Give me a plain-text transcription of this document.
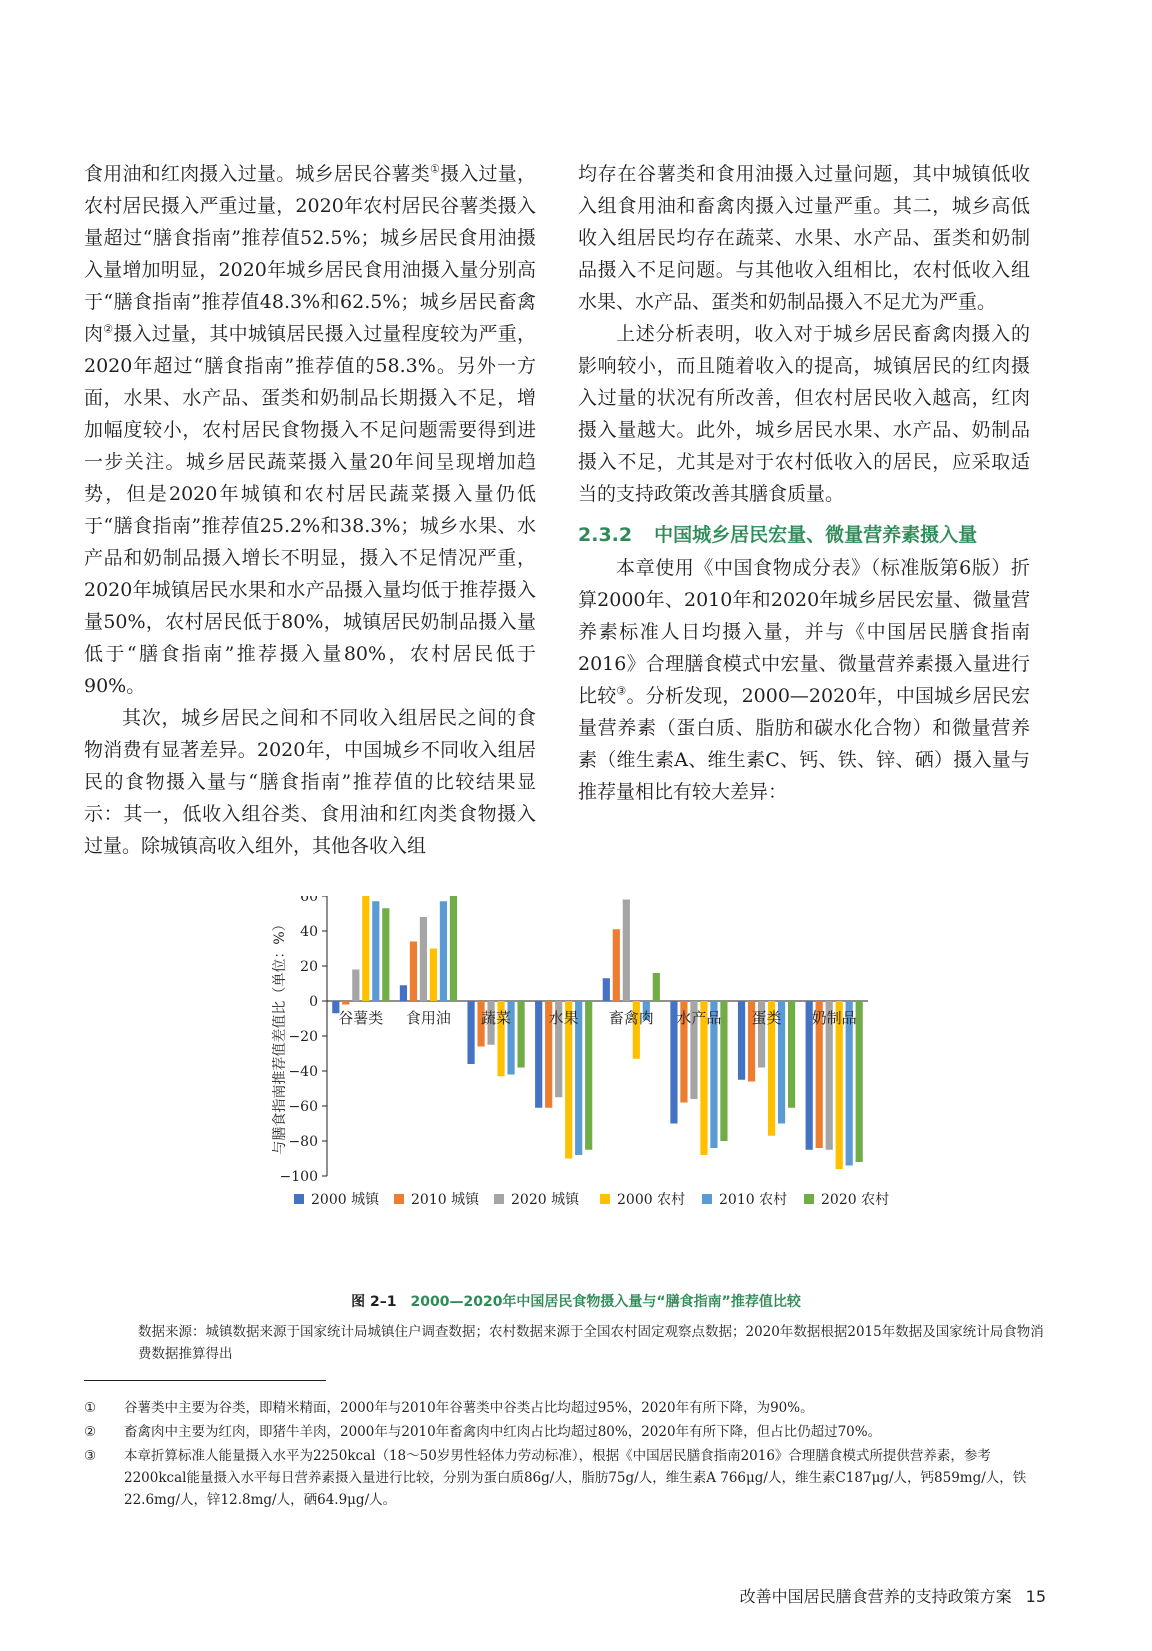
食用油和红肉摄入过量。城乡居民谷薯类①摄入过量，农村居民摄入严重过量，2020年农村居民谷薯类摄入量超过“膳食指南”推荐值52.5%；城乡居民食用油摄入量增加明显，2020年城乡居民食用油摄入量分别高于“膳食指南”推荐值48.3%和62.5%；城乡居民畜禽肉②摄入过量，其中城镇居民摄入过量程度较为严重，2020年超过“膳食指南”推荐值的58.3%。另外一方面，水果、水产品、蛋类和奶制品长期摄入不足，增加幅度较小，农村居民食物摄入不足问题需要得到进一步关注。城乡居民蔬菜摄入量20年间呈现增加趋势，但是2020年城镇和农村居民蔬菜摄入量仍低于“膳食指南”推荐值25.2%和38.3%；城乡水果、水产品和奶制品摄入增长不明显，摄入不足情况严重，2020年城镇居民水果和水产品摄入量均低于推荐摄入量50%，农村居民低于80%，城镇居民奶制品摄入量低于“膳食指南”推荐摄入量80%，农村居民低于90%。

其次，城乡居民之间和不同收入组居民之间的食物消费有显著差异。2020年，中国城乡不同收入组居民的食物摄入量与“膳食指南”推荐值的比较结果显示：其一，低收入组谷类、食用油和红肉类食物摄入过量。除城镇高收入组外，其他各收入组

均存在谷薯类和食用油摄入过量问题，其中城镇低收入组食用油和畜禽肉摄入过量严重。其二，城乡高低收入组居民均存在蔬菜、水果、水产品、蛋类和奶制品摄入不足问题。与其他收入组相比，农村低收入组水果、水产品、蛋类和奶制品摄入不足尤为严重。

上述分析表明，收入对于城乡居民畜禽肉摄入的影响较小，而且随着收入的提高，城镇居民的红肉摄入过量的状况有所改善，但农村居民收入越高，红肉摄入量越大。此外，城乡居民水果、水产品、奶制品摄入不足，尤其是对于农村低收入的居民，应采取适当的支持政策改善其膳食质量。

2.3.2 中国城乡居民宏量、微量营养素摄入量

本章使用《中国食物成分表》（标准版第6版）折算2000年、2010年和2020年城乡居民宏量、微量营养素标准人日均摄入量，并与《中国居民膳食指南2016》合理膳食模式中宏量、微量营养素摄入量进行比较③。分析发现，2000—2020年，中国城乡居民宏量营养素（蛋白质、脂肪和碳水化合物）和微量营养素（维生素A、维生素C、钙、铁、锌、硒）摄入量与推荐量相比有较大差异：

60
40
20
0
−20
−40
−60
−80
−100
与膳食指南推荐值差值比（单位：%）	谷薯类 食用油 蔬菜	水果 畜禽肉 水产品 蛋类 奶制品
2000 城镇 2010 城镇 2020 城镇	2000 农村 2010 农村 2020 农村
图 2–1 2000—2020年中国居民食物摄入量与“膳食指南”推荐值比较
数据来源：城镇数据来源于国家统计局城镇住户调查数据；农村数据来源于全国农村固定观察点数据；2020年数据根据2015年数据及国家统计局食物消费数据推算得出
①	谷薯类中主要为谷类，即精米精面，2000年与2010年谷薯类中谷类占比均超过95%，2020年有所下降，为90%。
②	畜禽肉中主要为红肉，即猪牛羊肉，2000年与2010年畜禽肉中红肉占比均超过80%，2020年有所下降，但占比仍超过70%。
③	本章折算标准人能量摄入水平为2250kcal（18～50岁男性轻体力劳动标准），根据《中国居民膳食指南2016》合理膳食模式所提供营养素，参考2200kcal能量摄入水平每日营养素摄入量进行比较，分别为蛋白质86g/人，脂肪75g/人，维生素A 766μg/人，维生素C187μg/人，钙859mg/人，铁22.6mg/人，锌12.8mg/人，硒64.9μg/人。
改善中国居民膳食营养的支持政策方案 15
